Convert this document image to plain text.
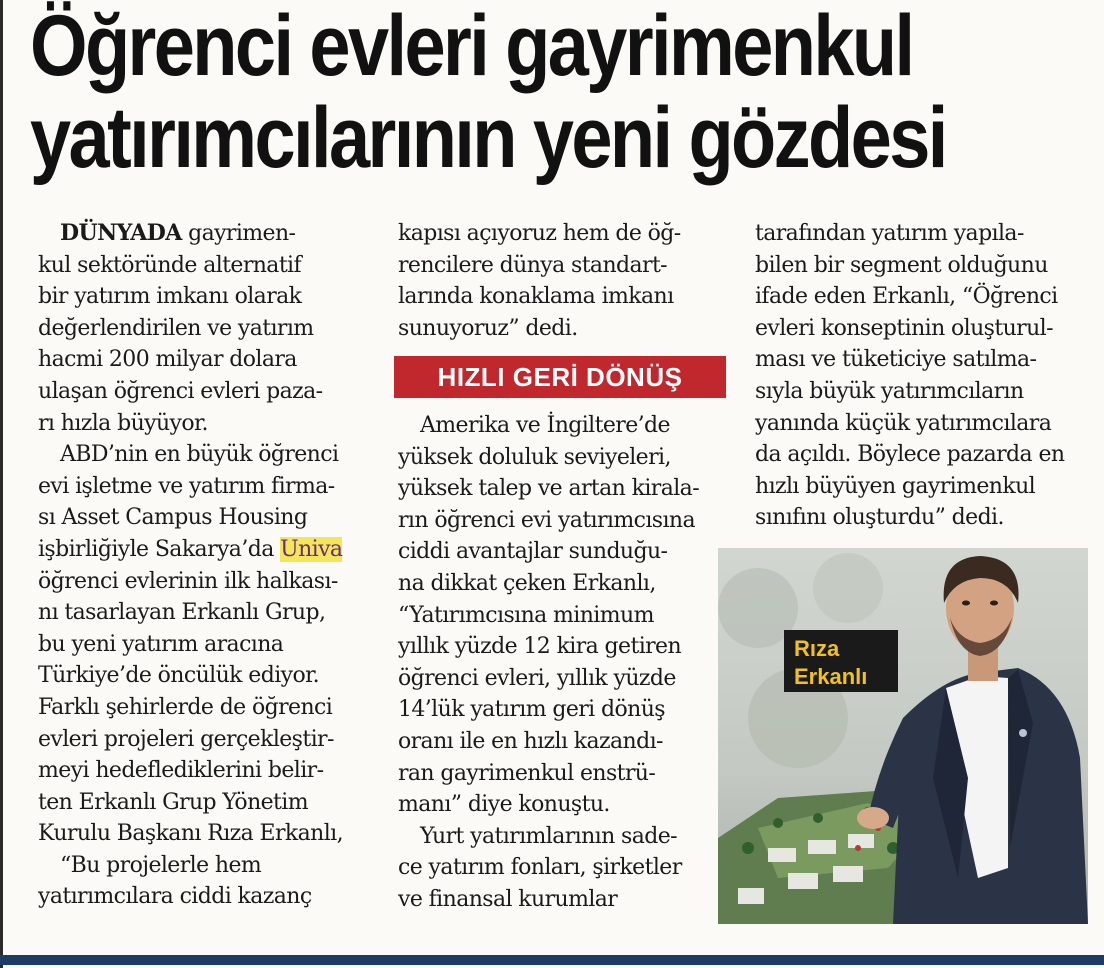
Öğrenci evleri gayrimenkul
yatırımcılarının yeni gözdesi

DÜNYADA gayrimen-

kul sektöründe alternatif

bir yatırım imkanı olarak

değerlendirilen ve yatırım

hacmi 200 milyar dolara

ulaşan öğrenci evleri paza-

rı hızla büyüyor.

ABD’nin en büyük öğrenci

evi işletme ve yatırım firma-

sı Asset Campus Housing

işbirliğiyle Sakarya’da Univa

öğrenci evlerinin ilk halkası-

nı tasarlayan Erkanlı Grup,

bu yeni yatırım aracına

Türkiye’de öncülük ediyor.

Farklı şehirlerde de öğrenci

evleri projeleri gerçekleştir-

meyi hedeflediklerini belir-

ten Erkanlı Grup Yönetim

Kurulu Başkanı Rıza Erkanlı,

“Bu projelerle hem

yatırımcılara ciddi kazanç

kapısı açıyoruz hem de öğ-

rencilere dünya standart-

larında konaklama imkanı

sunuyoruz” dedi.

HIZLI GERİ DÖNÜŞ

Amerika ve İngiltere’de

yüksek doluluk seviyeleri,

yüksek talep ve artan kirala-

rın öğrenci evi yatırımcısına

ciddi avantajlar sunduğu-

na dikkat çeken Erkanlı,

“Yatırımcısına minimum

yıllık yüzde 12 kira getiren

öğrenci evleri, yıllık yüzde

14’lük yatırım geri dönüş

oranı ile en hızlı kazandı-

ran gayrimenkul enstrü-

manı” diye konuştu.

Yurt yatırımlarının sade-

ce yatırım fonları, şirketler

ve finansal kurumlar

tarafından yatırım yapıla-

bilen bir segment olduğunu

ifade eden Erkanlı, “Öğrenci

evleri konseptinin oluşturul-

ması ve tüketiciye satılma-

sıyla büyük yatırımcıların

yanında küçük yatırımcılara

da açıldı. Böylece pazarda en

hızlı büyüyen gayrimenkul

sınıfını oluşturdu” dedi.

Rıza
Erkanlı
